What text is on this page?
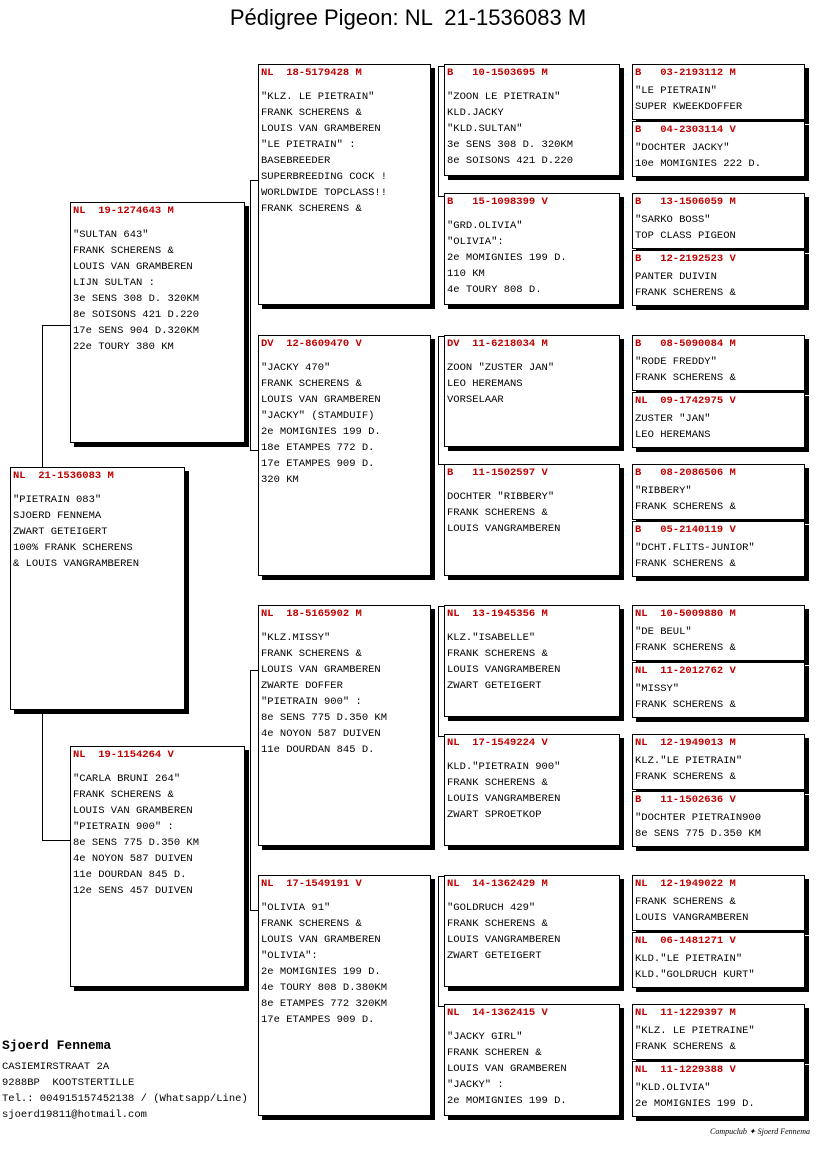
Pédigree Pigeon: NL  21-1536083 M
NL  21-1536083 M
"PIETRAIN 083"
SJOERD FENNEMA
ZWART GETEIGERT
100% FRANK SCHERENS
& LOUIS VANGRAMBEREN
NL  19-1274643 M
"SULTAN 643"
FRANK SCHERENS &
LOUIS VAN GRAMBEREN
LIJN SULTAN :
3e SENS 308 D. 320KM
8e SOISONS 421 D.220
17e SENS 904 D.320KM
22e TOURY 380 KM
NL  19-1154264 V
"CARLA BRUNI 264"
FRANK SCHERENS &
LOUIS VAN GRAMBEREN
"PIETRAIN 900" :
8e SENS 775 D.350 KM
4e NOYON 587 DUIVEN
11e DOURDAN 845 D.
12e SENS 457 DUIVEN
NL  18-5179428 M
"KLZ. LE PIETRAIN"
FRANK SCHERENS &
LOUIS VAN GRAMBEREN
"LE PIETRAIN" :
BASEBREEDER
SUPERBREEDING COCK !
WORLDWIDE TOPCLASS!!
FRANK SCHERENS &
DV  12-8609470 V
"JACKY 470"
FRANK SCHERENS &
LOUIS VAN GRAMBEREN
"JACKY" (STAMDUIF)
2e MOMIGNIES 199 D.
18e ETAMPES 772 D.
17e ETAMPES 909 D.
320 KM
NL  18-5165902 M
"KLZ.MISSY"
FRANK SCHERENS &
LOUIS VAN GRAMBEREN
ZWARTE DOFFER
"PIETRAIN 900" :
8e SENS 775 D.350 KM
4e NOYON 587 DUIVEN
11e DOURDAN 845 D.
NL  17-1549191 V
"OLIVIA 91"
FRANK SCHERENS &
LOUIS VAN GRAMBEREN
"OLIVIA":
2e MOMIGNIES 199 D.
4e TOURY 808 D.380KM
8e ETAMPES 772 320KM
17e ETAMPES 909 D.
B   10-1503695 M
"ZOON LE PIETRAIN"
KLD.JACKY
"KLD.SULTAN"
3e SENS 308 D. 320KM
8e SOISONS 421 D.220
B   15-1098399 V
"GRD.OLIVIA"
"OLIVIA":
2e MOMIGNIES 199 D.
110 KM
4e TOURY 808 D.
DV  11-6218034 M
ZOON "ZUSTER JAN"
LEO HEREMANS
VORSELAAR
B   11-1502597 V
DOCHTER "RIBBERY"
FRANK SCHERENS &
LOUIS VANGRAMBEREN
NL  13-1945356 M
KLZ."ISABELLE"
FRANK SCHERENS &
LOUIS VANGRAMBEREN
ZWART GETEIGERT
NL  17-1549224 V
KLD."PIETRAIN 900"
FRANK SCHERENS &
LOUIS VANGRAMBEREN
ZWART SPROETKOP
NL  14-1362429 M
"GOLDRUCH 429"
FRANK SCHERENS &
LOUIS VANGRAMBEREN
ZWART GETEIGERT
NL  14-1362415 V
"JACKY GIRL"
FRANK SCHEREN &
LOUIS VAN GRAMBEREN
"JACKY" :
2e MOMIGNIES 199 D.
B   03-2193112 M
"LE PIETRAIN"
SUPER KWEEKDOFFER
B   04-2303114 V
"DOCHTER JACKY"
10e MOMIGNIES 222 D.
B   13-1506059 M
"SARKO BOSS"
TOP CLASS PIGEON
B   12-2192523 V
PANTER DUIVIN
FRANK SCHERENS &
B   08-5090084 M
"RODE FREDDY"
FRANK SCHERENS &
NL  09-1742975 V
ZUSTER "JAN"
LEO HEREMANS
B   08-2086506 M
"RIBBERY"
FRANK SCHERENS &
B   05-2140119 V
"DCHT.FLITS-JUNIOR"
FRANK SCHERENS &
NL  10-5009880 M
"DE BEUL"
FRANK SCHERENS &
NL  11-2012762 V
"MISSY"
FRANK SCHERENS &
NL  12-1949013 M
KLZ."LE PIETRAIN"
FRANK SCHERENS &
B   11-1502636 V
"DOCHTER PIETRAIN900
8e SENS 775 D.350 KM
NL  12-1949022 M
FRANK SCHERENS &
LOUIS VANGRAMBEREN
NL  06-1481271 V
KLD."LE PIETRAIN"
KLD."GOLDRUCH KURT"
NL  11-1229397 M
"KLZ. LE PIETRAINE"
FRANK SCHERENS &
NL  11-1229388 V
"KLD.OLIVIA"
2e MOMIGNIES 199 D.
Sjoerd Fennema
CASIEMIRSTRAAT 2A
9288BP  KOOTSTERTILLE
Tel.: 004915157452138 / (Whatsapp/Line)
sjoerd19811@hotmail.com
Compuclub ✦ Sjoerd Fennema
